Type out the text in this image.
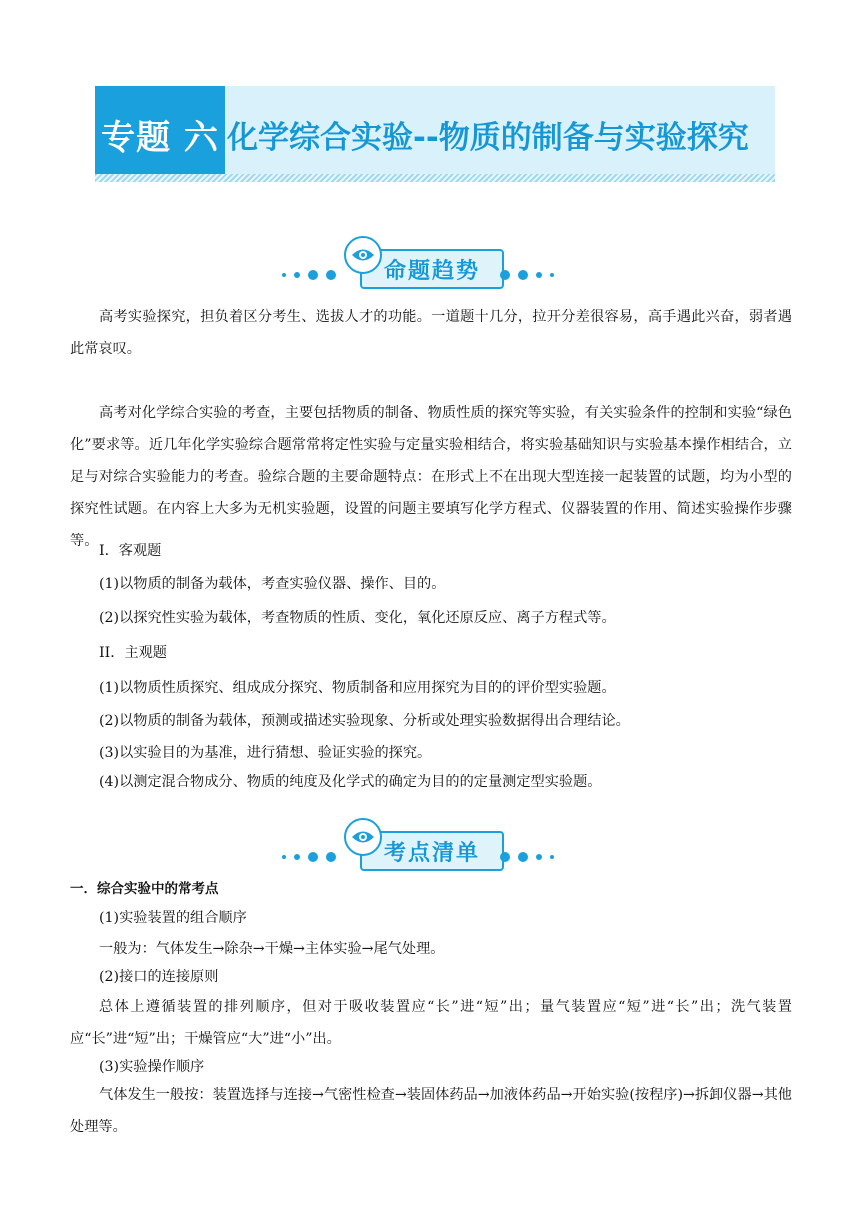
专题 六 化学综合实验--物质的制备与实验探究
命题趋势

高考实验探究，担负着区分考生、选拔人才的功能。一道题十几分，拉开分差很容易，高手遇此兴奋，弱者遇此常哀叹。

高考对化学综合实验的考查，主要包括物质的制备、物质性质的探究等实验，有关实验条件的控制和实验“绿色化”要求等。近几年化学实验综合题常常将定性实验与定量实验相结合，将实验基础知识与实验基本操作相结合，立足与对综合实验能力的考查。验综合题的主要命题特点：在形式上不在出现大型连接一起装置的试题，均为小型的探究性试题。在内容上大多为无机实验题，设置的问题主要填写化学方程式、仪器装置的作用、简述实验操作步骤等。

I．客观题
(1)以物质的制备为载体，考查实验仪器、操作、目的。
(2)以探究性实验为载体，考查物质的性质、变化，氧化还原反应、离子方程式等。
II．主观题
(1)以物质性质探究、组成成分探究、物质制备和应用探究为目的的评价型实验题。
(2)以物质的制备为载体，预测或描述实验现象、分析或处理实验数据得出合理结论。
(3)以实验目的为基准，进行猜想、验证实验的探究。
(4)以测定混合物成分、物质的纯度及化学式的确定为目的的定量测定型实验题。
考点清单
一．综合实验中的常考点
(1)实验装置的组合顺序
一般为：气体发生→除杂→干燥→主体实验→尾气处理。
(2)接口的连接原则

总体上遵循装置的排列顺序，但对于吸收装置应“长”进“短”出；量气装置应“短”进“长”出；洗气装置应“长”进“短”出；干燥管应“大”进“小”出。

(3)实验操作顺序

气体发生一般按：装置选择与连接→气密性检查→装固体药品→加液体药品→开始实验(按程序)→拆卸仪器→其他处理等。
